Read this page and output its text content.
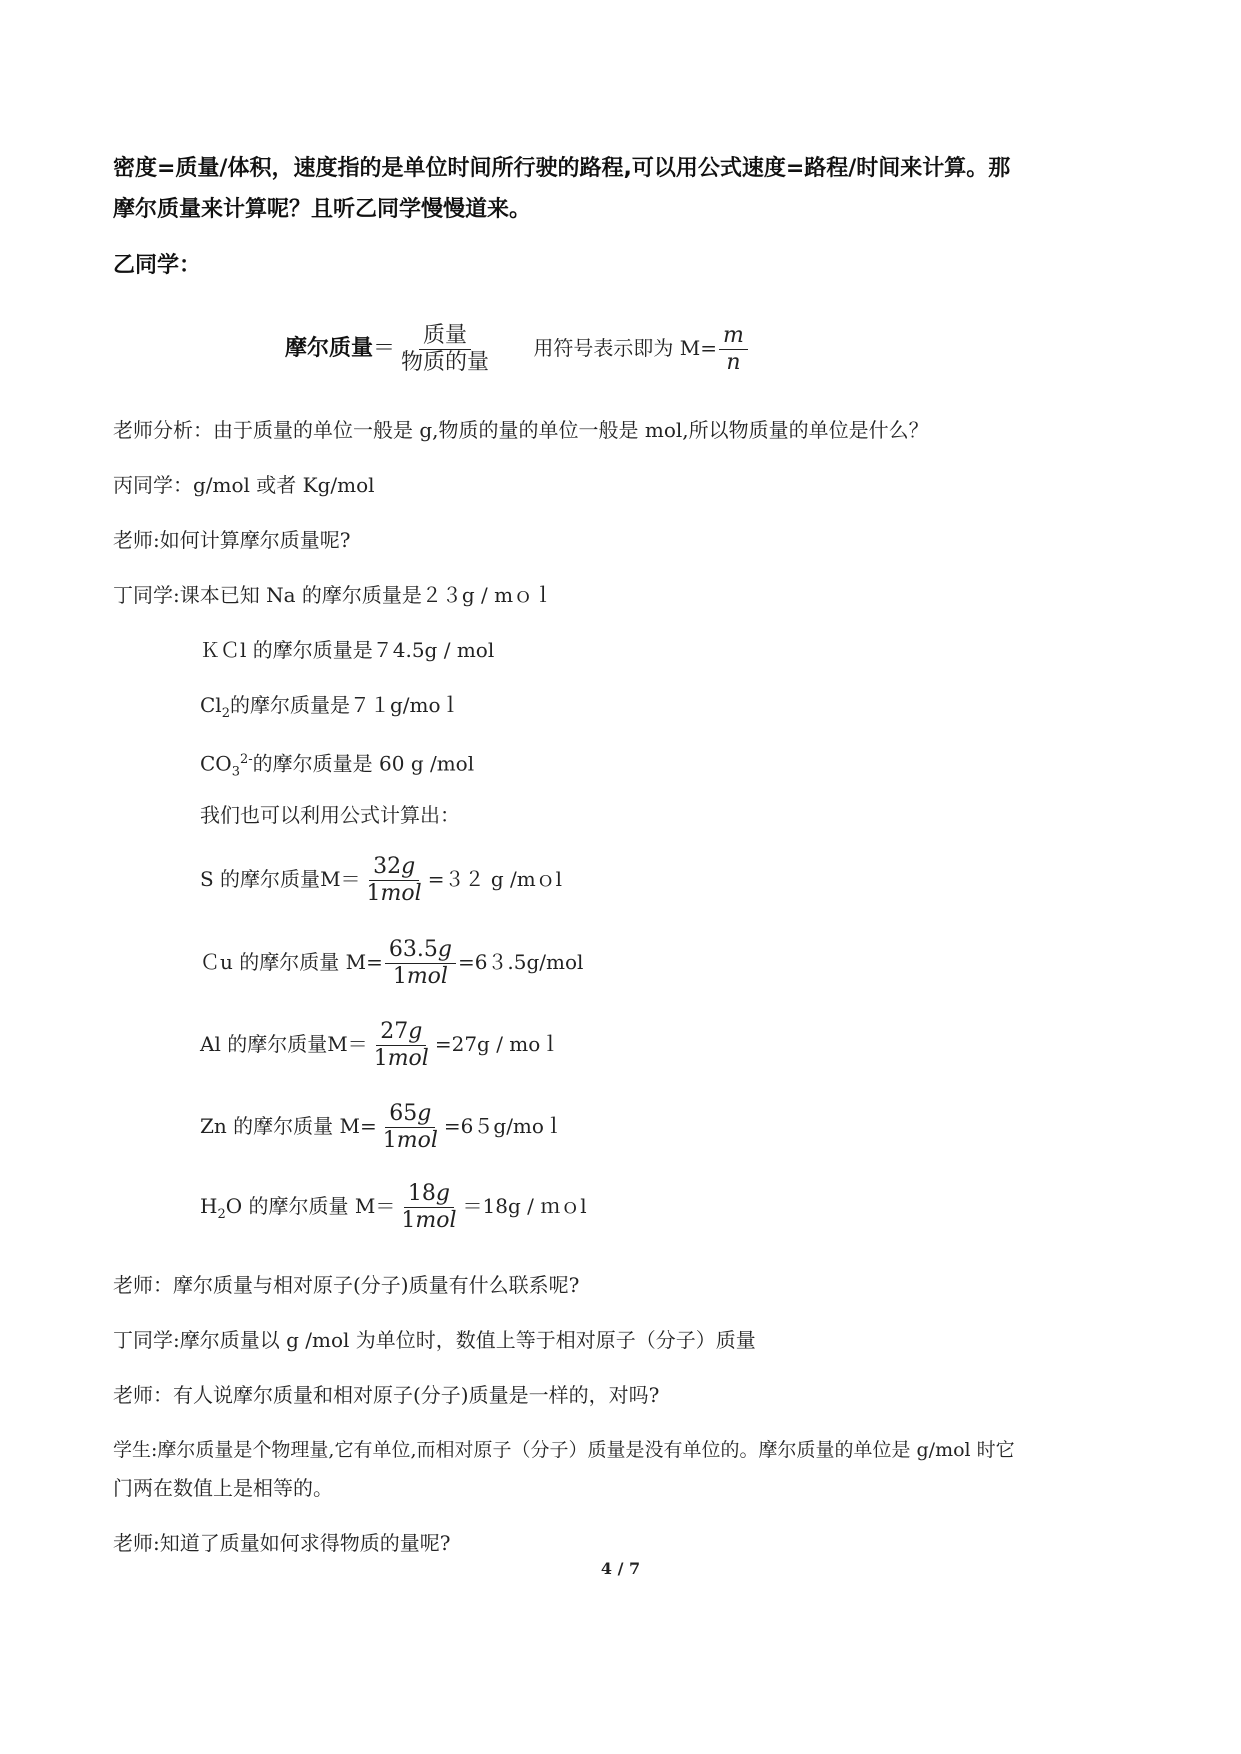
密度=质量/体积，速度指的是单位时间所行驶的路程,可以用公式速度=路程/时间来计算。那
摩尔质量来计算呢？且听乙同学慢慢道来。
乙同学：
摩尔质量＝ $\frac{\text{质量}}{\text{物质的量}}$ 用符号表示即为 $M= \frac{m}{n}$
老师分析：由于质量的单位一般是 g,物质的量的单位一般是 mol,所以物质量的单位是什么？
丙同学：g/mol 或者 Kg/mol
老师:如何计算摩尔质量呢?
丁同学:课本已知 Na 的摩尔质量是２３g / mｏｌ
ＫＣl 的摩尔质量是７4.5g / mol
$Cl_2$的摩尔质量是７１g/moｌ
$CO_3^{2-}$的摩尔质量是 60 g /mol
我们也可以利用公式计算出：
S 的摩尔质量$M= \frac{32g}{\text{1mol}} =32$ g /mｏl
Ｃu 的摩尔质量 $M= \frac{63.5g}{\text{1mol}} =63.5g/mol$
Al 的摩尔质量$M= \frac{27g}{\text{1mol}} =27g$ / moｌ
Zn 的摩尔质量 $M= \frac{65g}{\text{1mol}}$ =6５g/moｌ
$H_2O$ 的摩尔质量 $M= \frac{18g}{\text{1mol}} =18g$ / ｍｏl
老师：摩尔质量与相对原子(分子)质量有什么联系呢?
丁同学:摩尔质量以 g /mol 为单位时，数值上等于相对原子（分子）质量
老师：有人说摩尔质量和相对原子(分子)质量是一样的，对吗?
学生:摩尔质量是个物理量,它有单位,而相对原子（分子）质量是没有单位的。摩尔质量的单位是 g/mol 时它
门两在数值上是相等的。
老师:知道了质量如何求得物质的量呢?
4 / 7
